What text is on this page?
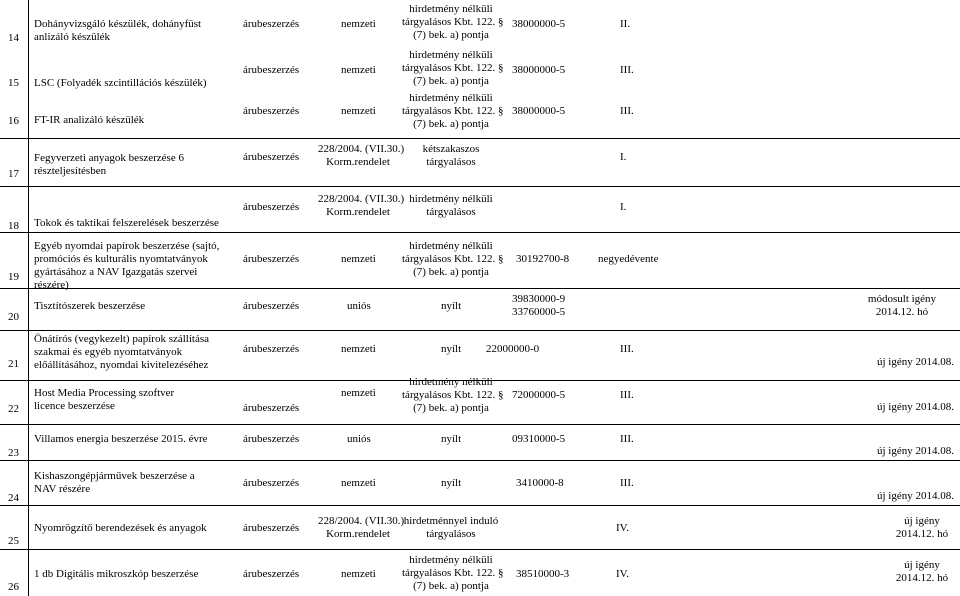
14
Dohányvizsgáló készülék, dohányfüst anlizáló készülék
árubeszerzés	nemzeti
hirdetmény nélküli
tárgyalásos Kbt. 122. §
(7) bek. a) pontja
38000000-5	II.
15	LSC (Folyadék szcintillációs készülék)
árubeszerzés	nemzeti
hirdetmény nélküli
tárgyalásos Kbt. 122. §
(7) bek. a) pontja
38000000-5	III.
16	FT-IR analizáló készülék
árubeszerzés	nemzeti
hirdetmény nélküli
tárgyalásos Kbt. 122. §
(7) bek. a) pontja
38000000-5	III.
17
Fegyverzeti anyagok beszerzése 6 részteljesítésben
árubeszerzés
228/2004. (VII.30.)
Korm.rendelet
kétszakaszos
tárgyalásos	I.
18	Tokok és taktikai felszerelések beszerzése
árubeszerzés
228/2004. (VII.30.)
Korm.rendelet
hirdetmény nélküli
tárgyalásos	I.
19
Egyéb nyomdai papírok beszerzése (sajtó, promóciós és kulturális nyomtatványok gyártásához a NAV Igazgatás szervei részére)
árubeszerzés	nemzeti
hirdetmény nélküli
tárgyalásos Kbt. 122. §
(7) bek. a) pontja
30192700-8	negyedévente
20
Tisztítószerek beszerzése	árubeszerzés	uniós	nyílt
39830000-9
33760000-5
módosult igény 2014.12. hó
21
Önátírós (vegykezelt) papírok szállítása szakmai és egyéb nyomtatványok előállításához, nyomdai kivitelezéséhez
árubeszerzés	nemzeti	nyílt 22000000-0	III.
új igény 2014.08.
22
Host Media Processing szoftver licence beszerzése	árubeszerzés
nemzeti
hirdetmény nélküli
tárgyalásos Kbt. 122. §
(7) bek. a) pontja
72000000-5	III.
új igény 2014.08.
23
Villamos energia beszerzése 2015. évre	árubeszerzés	uniós	nyílt	09310000-5	III.
új igény 2014.08.
24
Kishaszongépjárművek beszerzése a NAV részére	árubeszerzés	nemzeti	nyílt	3410000-8	III.
új igény 2014.08.
25
Nyomrögzítő berendezések és anyagok	árubeszerzés
228/2004. (VII.30.)
Korm.rendelet
hirdetménnyel induló
tárgyalásos	IV.
új igény 2014.12. hó
26
1 db Digitális mikroszkóp beszerzése	árubeszerzés	nemzeti
hirdetmény nélküli
tárgyalásos Kbt. 122. §
(7) bek. a) pontja
38510000-3	IV.
új igény 2014.12. hó
